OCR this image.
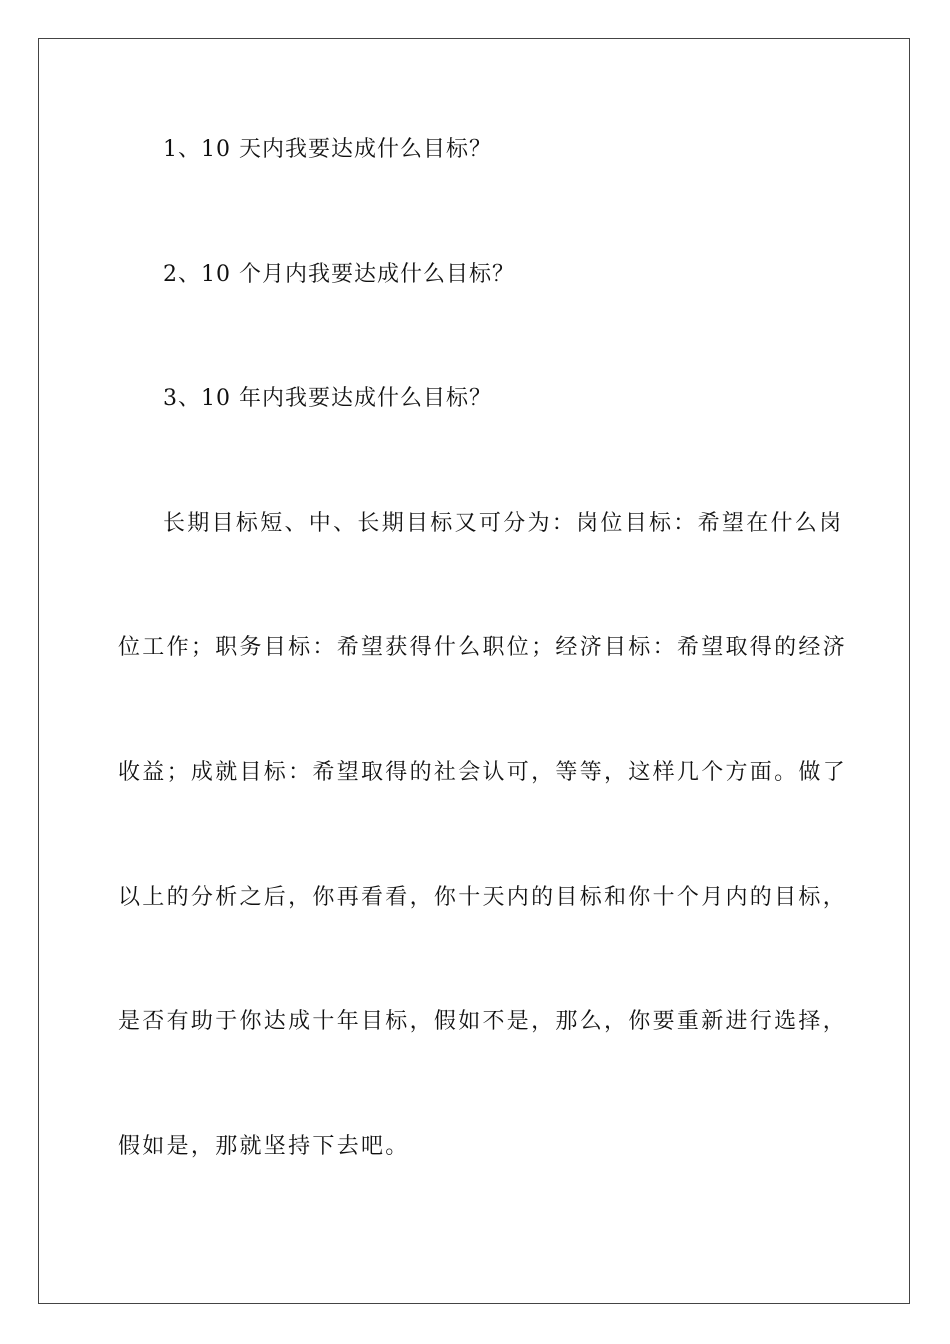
1、10 天内我要达成什么目标？
2、10 个月内我要达成什么目标？
3、10 年内我要达成什么目标？
长期目标短、中、长期目标又可分为：岗位目标：希望在什么岗
位工作；职务目标：希望获得什么职位；经济目标：希望取得的经济
收益；成就目标：希望取得的社会认可，等等，这样几个方面。做了
以上的分析之后，你再看看，你十天内的目标和你十个月内的目标，
是否有助于你达成十年目标，假如不是，那么，你要重新进行选择，
假如是，那就坚持下去吧。
